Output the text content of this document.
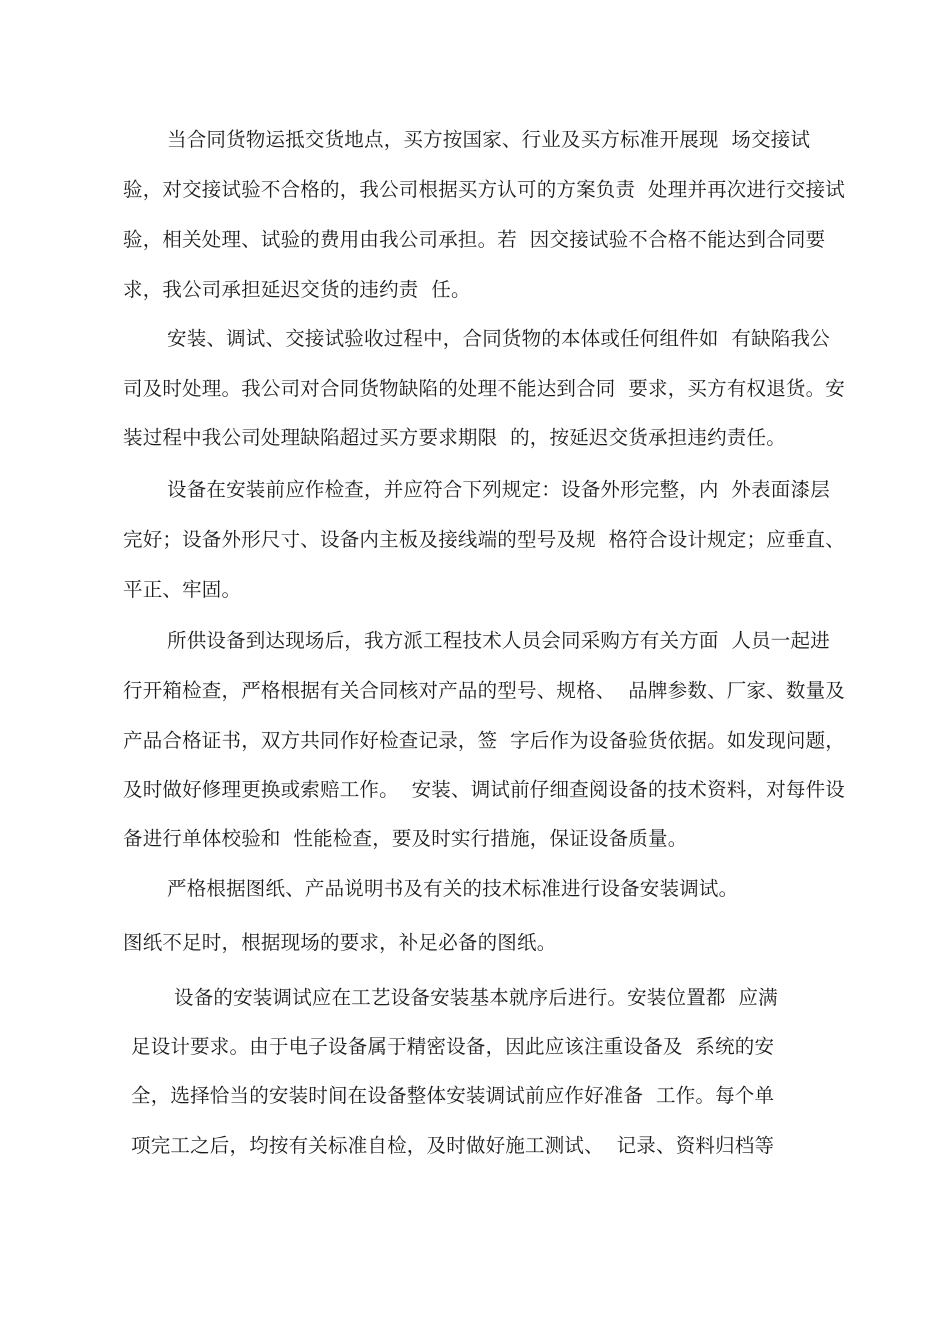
当合同货物运抵交货地点，买方按国家、行业及买方标准开展现  场交接试
验，对交接试验不合格的，我公司根据买方认可的方案负责  处理并再次进行交接试
验，相关处理、试验的费用由我公司承担。若  因交接试验不合格不能达到合同要
求，我公司承担延迟交货的违约责  任。
安装、调试、交接试验收过程中，合同货物的本体或任何组件如  有缺陷我公
司及时处理。我公司对合同货物缺陷的处理不能达到合同  要求，买方有权退货。安
装过程中我公司处理缺陷超过买方要求期限  的，按延迟交货承担违约责任。
设备在安装前应作检查，并应符合下列规定：设备外形完整，内  外表面漆层
完好；设备外形尺寸、设备内主板及接线端的型号及规  格符合设计规定；应垂直、
平正、牢固。
所供设备到达现场后，我方派工程技术人员会同采购方有关方面  人员一起进
行开箱检查，严格根据有关合同核对产品的型号、规格、  品牌参数、厂家、数量及
产品合格证书，双方共同作好检查记录，签  字后作为设备验货依据。如发现问题，
及时做好修理更换或索赔工作。  安装、调试前仔细查阅设备的技术资料，对每件设
备进行单体校验和  性能检查，要及时实行措施，保证设备质量。
严格根据图纸、产品说明书及有关的技术标准进行设备安装调试。
图纸不足时，根据现场的要求，补足必备的图纸。
设备的安装调试应在工艺设备安装基本就序后进行。安装位置都  应满
足设计要求。由于电子设备属于精密设备，因此应该注重设备及  系统的安
全，选择恰当的安装时间在设备整体安装调试前应作好准备  工作。每个单
项完工之后，均按有关标准自检，及时做好施工测试、  记录、资料归档等
